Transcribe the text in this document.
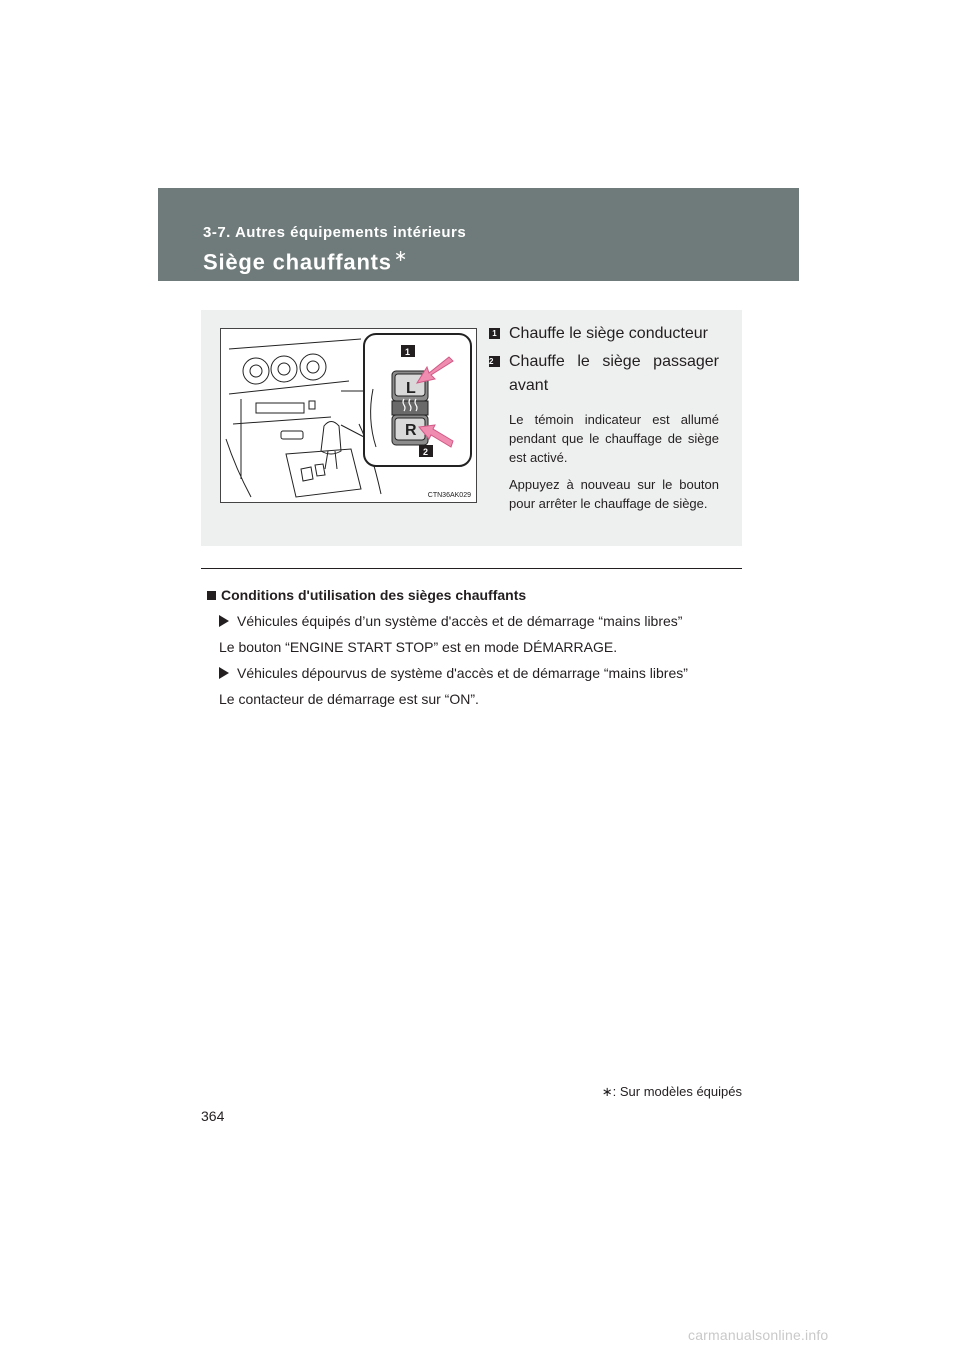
3-7. Autres équipements intérieurs
Siège chauffants ∗
L
R
1
2
CTN36AK029
1 Chauffe le siège conducteur
2 Chauffe le siège passager avant
Le témoin indicateur est allumé pendant que le chauffage de siège est activé.
Appuyez à nouveau sur le bouton pour arrêter le chauffage de siège.
Conditions d'utilisation des sièges chauffants
Véhicules équipés d’un système d'accès et de démarrage “mains libres”
Le bouton “ENGINE START STOP” est en mode DÉMARRAGE.
Véhicules dépourvus de système d'accès et de démarrage “mains libres”
Le contacteur de démarrage est sur “ON”.
∗: Sur modèles équipés
364
carmanualsonline.info
